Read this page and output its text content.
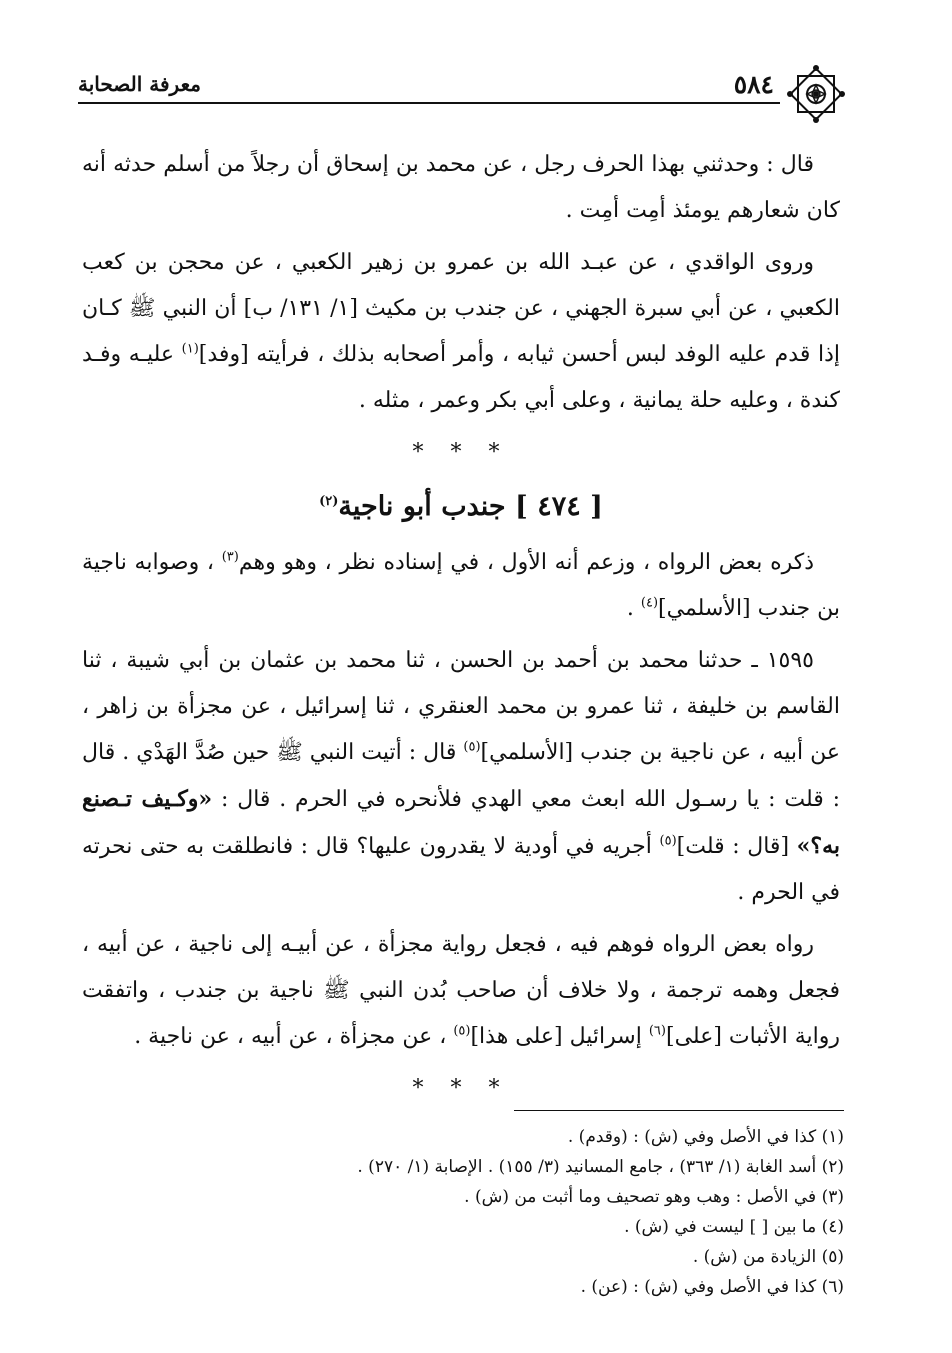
٥٨٤
معرفة الصحابة

قال : وحدثني بهذا الحرف رجل ، عن محمد بن إسحاق أن رجلاً من أسلم حدثه أنه كان شعارهم يومئذ أمِت أمِت .

وروى الواقدي ، عن عبـد الله بن عمرو بن زهير الكعبي ، عن محجن بن كعب الكعبي ، عن أبي سبرة الجهني ، عن جندب بن مكيث [١/ ١٣١/ ب] أن النبي ﷺ كـان إذا قدم عليه الوفد لبس أحسن ثيابه ، وأمر أصحابه بذلك ، فرأيته [وفد]$^{(١)}$ عليـه وفـد كندة ، وعليه حلة يمانية ، وعلى أبي بكر وعمر ، مثله .

* * *
[ ٤٧٤ ] جندب أبو ناجية$^{(٢)}$

ذكره بعض الرواه ، وزعم أنه الأول ، في إسناده نظر ، وهو وهم$^{(٣)}$ ، وصوابه ناجية بن جندب [الأسلمي]$^{(٤)}$ .

١٥٩٥ ـ حدثنا محمد بن أحمد بن الحسن ، ثنا محمد بن عثمان بن أبي شيبة ، ثنا القاسم بن خليفة ، ثنا عمرو بن محمد العنقري ، ثنا إسرائيل ، عن مجزأة بن زاهر ، عن أبيه ، عن ناجية بن جندب [الأسلمي]$^{(٥)}$ قال : أتيت النبي ﷺ حين صُدَّ الهَدْي . قال : قلت : يا رسـول الله ابعث معي الهدي فلأنحره في الحرم . قال : «وكـيف تـصنع به؟» [قال : قلت]$^{(٥)}$ أجريه في أودية لا يقدرون عليها؟ قال : فانطلقت به حتى نحرته في الحرم .

رواه بعض الرواه فوهم فيه ، فجعل رواية مجزأة ، عن أبيـه إلى ناجية ، عن أبيه ، فجعل وهمه ترجمة ، ولا خلاف أن صاحب بُدن النبي ﷺ ناجية بن جندب ، واتفقت رواية الأثبات [على]$^{(٦)}$ إسرائيل [على هذا]$^{(٥)}$ ، عن مجزأة ، عن أبيه ، عن ناجية .

* * *

(١) كذا في الأصل وفي (ش) : (وقدم) .

(٢) أسد الغابة (١/ ٣٦٣) ، جامع المسانيد (٣/ ١٥٥) . الإصابة (١/ ٢٧٠) .

(٣) في الأصل : وهب وهو تصحيف وما أثبت من (ش) .

(٤) ما بين [ ] ليست في (ش) .

(٥) الزيادة من (ش) .

(٦) كذا في الأصل وفي (ش) : (عن) .
